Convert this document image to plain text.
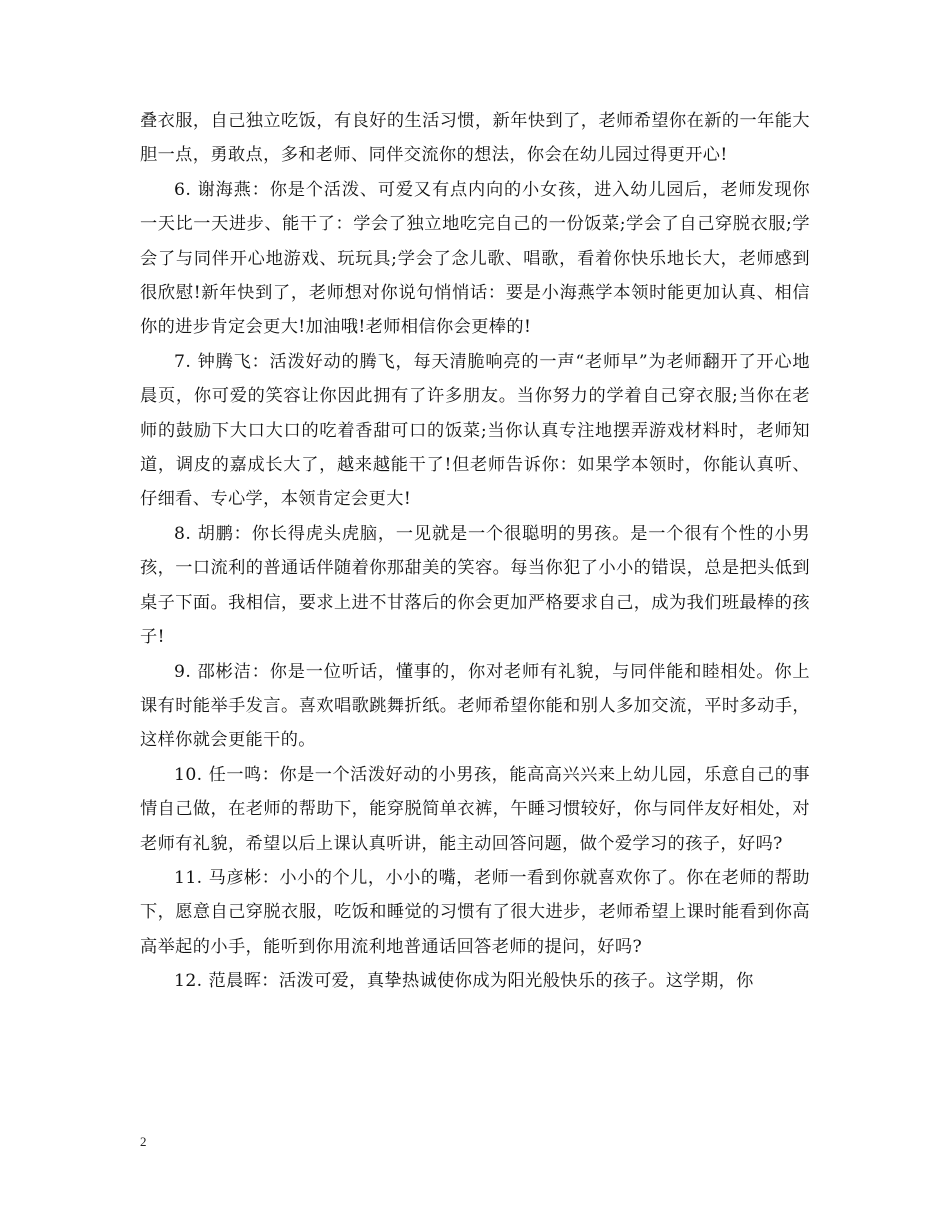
叠衣服，自己独立吃饭，有良好的生活习惯，新年快到了，老师希望你在新的一年能大胆一点，勇敢点，多和老师、同伴交流你的想法，你会在幼儿园过得更开心!

6. 谢海燕：你是个活泼、可爱又有点内向的小女孩，进入幼儿园后，老师发现你一天比一天进步、能干了：学会了独立地吃完自己的一份饭菜;学会了自己穿脱衣服;学会了与同伴开心地游戏、玩玩具;学会了念儿歌、唱歌，看着你快乐地长大，老师感到很欣慰!新年快到了，老师想对你说句悄悄话：要是小海燕学本领时能更加认真、相信你的进步肯定会更大!加油哦!老师相信你会更棒的!

7. 钟腾飞：活泼好动的腾飞，每天清脆响亮的一声“老师早”为老师翻开了开心地晨页，你可爱的笑容让你因此拥有了许多朋友。当你努力的学着自己穿衣服;当你在老师的鼓励下大口大口的吃着香甜可口的饭菜;当你认真专注地摆弄游戏材料时，老师知道，调皮的嘉成长大了，越来越能干了!但老师告诉你：如果学本领时，你能认真听、仔细看、专心学，本领肯定会更大!

8. 胡鹏：你长得虎头虎脑，一见就是一个很聪明的男孩。是一个很有个性的小男孩，一口流利的普通话伴随着你那甜美的笑容。每当你犯了小小的错误，总是把头低到桌子下面。我相信，要求上进不甘落后的你会更加严格要求自己，成为我们班最棒的孩子!

9. 邵彬洁：你是一位听话，懂事的，你对老师有礼貌，与同伴能和睦相处。你上课有时能举手发言。喜欢唱歌跳舞折纸。老师希望你能和别人多加交流，平时多动手，这样你就会更能干的。

10. 任一鸣：你是一个活泼好动的小男孩，能高高兴兴来上幼儿园，乐意自己的事情自己做，在老师的帮助下，能穿脱简单衣裤，午睡习惯较好，你与同伴友好相处，对老师有礼貌，希望以后上课认真听讲，能主动回答问题，做个爱学习的孩子，好吗?

11. 马彦彬：小小的个儿，小小的嘴，老师一看到你就喜欢你了。你在老师的帮助下，愿意自己穿脱衣服，吃饭和睡觉的习惯有了很大进步，老师希望上课时能看到你高高举起的小手，能听到你用流利地普通话回答老师的提问，好吗?

12. 范晨晖：活泼可爱，真挚热诚使你成为阳光般快乐的孩子。这学期，你

2
